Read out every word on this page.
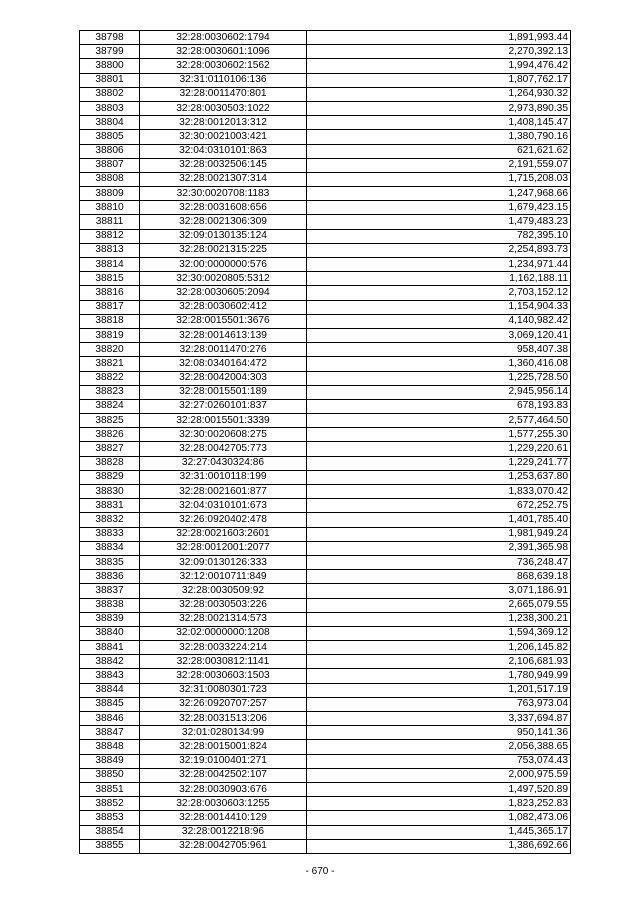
38798	32:28:0030602:1794	1,891,993.44
38799	32:28:0030601:1096	2,270,392.13
38800	32:28:0030602:1562	1,994,476.42
38801	32:31:0110106:136	1,807,762.17
38802	32:28:0011470:801	1,264,930.32
38803	32:28:0030503:1022	2,973,890.35
38804	32:28:0012013:312	1,408,145.47
38805	32:30:0021003:421	1,380,790.16
38806	32:04:0310101:863	621,621.62
38807	32:28:0032506:145	2,191,559.07
38808	32:28:0021307:314	1,715,208.03
38809	32:30:0020708:1183	1,247,968.66
38810	32:28:0031608:656	1,679,423.15
38811	32:28:0021306:309	1,479,483.23
38812	32:09:0130135:124	782,395.10
38813	32:28:0021315:225	2,254,893.73
38814	32:00:0000000:576	1,234,971.44
38815	32:30:0020805:5312	1,162,188.11
38816	32:28:0030605:2094	2,703,152.12
38817	32:28:0030602:412	1,154,904.33
38818	32:28:0015501:3676	4,140,982.42
38819	32:28:0014613:139	3,069,120.41
38820	32:28:0011470:276	958,407.38
38821	32:08:0340164:472	1,360,416.08
38822	32:28:0042004:303	1,225,728.50
38823	32:28:0015501:189	2,945,956.14
38824	32:27:0260101:837	678,193.83
38825	32:28:0015501:3339	2,577,464.50
38826	32:30:0020608:275	1,577,255.30
38827	32:28:0042705:773	1,229,220.61
38828	32:27:0430324:86	1,229,241.77
38829	32:31:0010118:199	1,253,637.80
38830	32:28:0021601:877	1,833,070.42
38831	32:04:0310101:673	672,252.75
38832	32:26:0920402:478	1,401,785.40
38833	32:28:0021603:2601	1,981,949.24
38834	32:28:0012001:2077	2,391,365.98
38835	32:09:0130126:333	736,248.47
38836	32:12:0010711:849	868,639.18
38837	32:28:0030509:92	3,071,186.91
38838	32:28:0030503:226	2,665,079.55
38839	32:28:0021314:573	1,238,300.21
38840	32:02:0000000:1208	1,594,369.12
38841	32:28:0033224:214	1,206,145.82
38842	32:28:0030812:1141	2,106,681.93
38843	32:28:0030603:1503	1,780,949.99
38844	32:31:0080301:723	1,201,517.19
38845	32:26:0920707:257	763,973.04
38846	32:28:0031513:206	3,337,694.87
38847	32:01:0280134:99	950,141.36
38848	32:28:0015001:824	2,056,388.65
38849	32:19:0100401:271	753,074.43
38850	32:28:0042502:107	2,000,975.59
38851	32:28:0030903:676	1,497,520.89
38852	32:28:0030603:1255	1,823,252.83
38853	32:28:0014410:129	1,082,473.06
38854	32:28:0012218:96	1,445,365.17
38855	32:28:0042705:961	1,386,692.66
- 670 -
